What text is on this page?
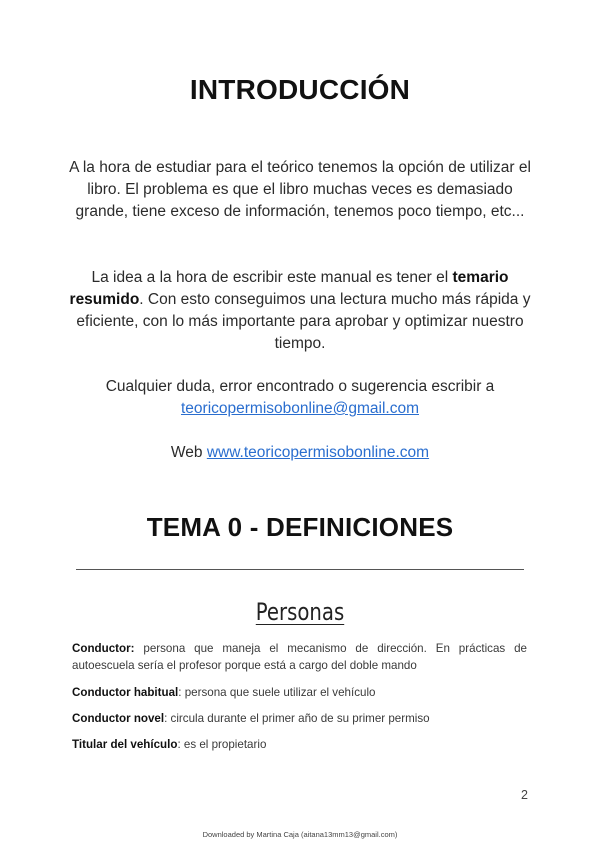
INTRODUCCIÓN

A la hora de estudiar para el teórico tenemos la opción de utilizar el libro. El problema es que el libro muchas veces es demasiado grande, tiene exceso de información, tenemos poco tiempo, etc...

La idea a la hora de escribir este manual es tener el temario resumido. Con esto conseguimos una lectura mucho más rápida y eficiente, con lo más importante para aprobar y optimizar nuestro tiempo.

Cualquier duda, error encontrado o sugerencia escribir a

teoricopermisobonline@gmail.com

Web www.teoricopermisobonline.com

TEMA 0 - DEFINICIONES
Personas
Conductor: persona que maneja el mecanismo de dirección. En prácticas de autoescuela sería el profesor porque está a cargo del doble mando
Conductor habitual: persona que suele utilizar el vehículo
Conductor novel: circula durante el primer año de su primer permiso
Titular del vehículo: es el propietario
2
Downloaded by Martina Caja (aitana13mm13@gmail.com)
